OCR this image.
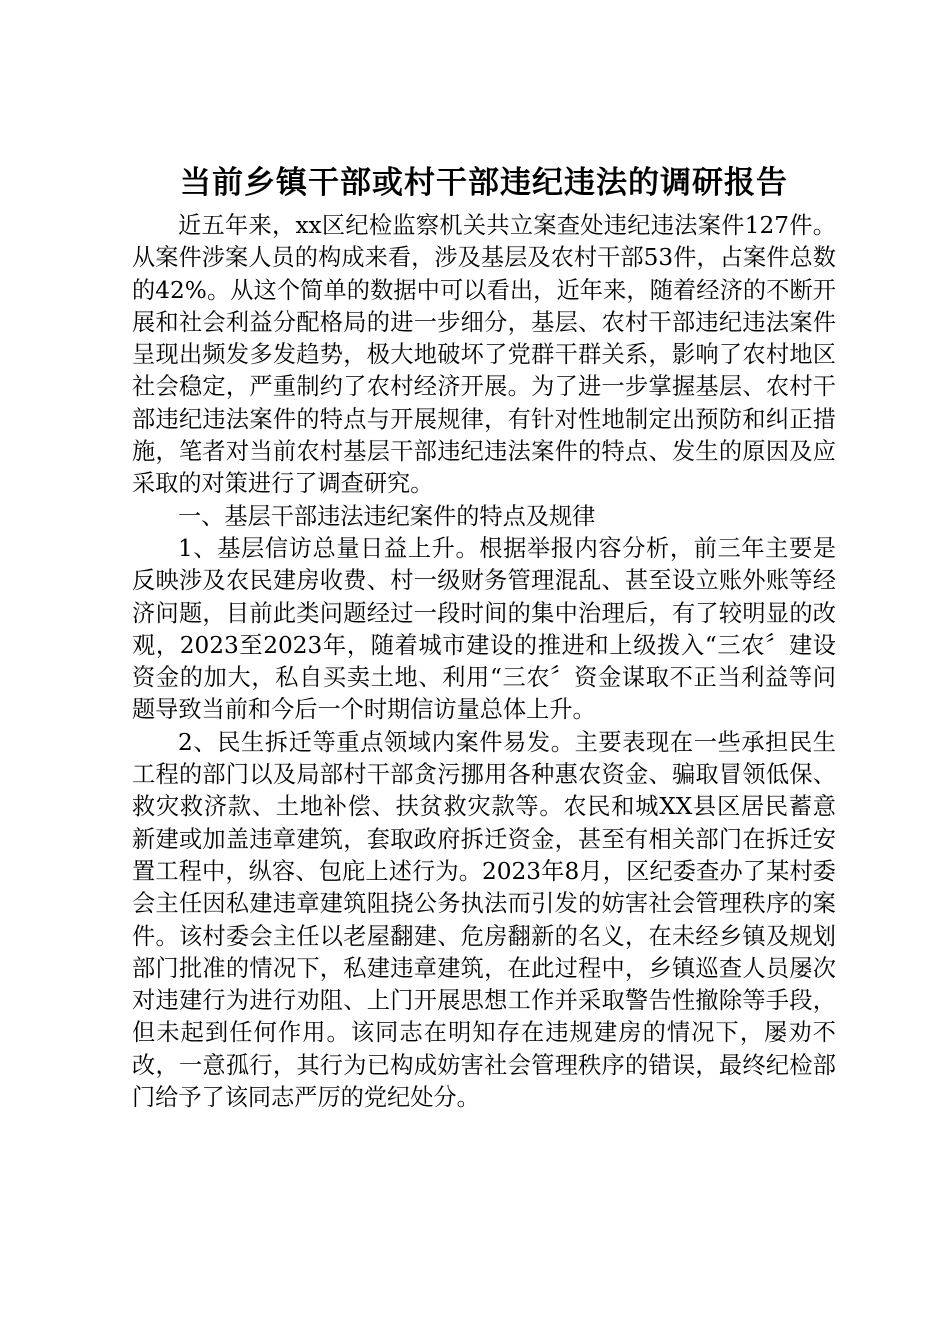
当前乡镇干部或村干部违纪违法的调研报告

近五年来，xx区纪检监察机关共立案查处违纪违法案件127件。从案件涉案人员的构成来看，涉及基层及农村干部53件，占案件总数的42%。从这个简单的数据中可以看出，近年来，随着经济的不断开展和社会利益分配格局的进一步细分，基层、农村干部违纪违法案件呈现出频发多发趋势，极大地破坏了党群干群关系，影响了农村地区社会稳定，严重制约了农村经济开展。为了进一步掌握基层、农村干部违纪违法案件的特点与开展规律，有针对性地制定出预防和纠正措施，笔者对当前农村基层干部违纪违法案件的特点、发生的原因及应采取的对策进行了调查研究。

一、基层干部违法违纪案件的特点及规律

1、基层信访总量日益上升。根据举报内容分析，前三年主要是反映涉及农民建房收费、村一级财务管理混乱、甚至设立账外账等经济问题，目前此类问题经过一段时间的集中治理后，有了较明显的改观，2023至2023年，随着城市建设的推进和上级拨入“三农〞建设资金的加大，私自买卖土地、利用“三农〞资金谋取不正当利益等问题导致当前和今后一个时期信访量总体上升。

2、民生拆迁等重点领域内案件易发。主要表现在一些承担民生工程的部门以及局部村干部贪污挪用各种惠农资金、骗取冒领低保、救灾救济款、土地补偿、扶贫救灾款等。农民和城XX县区居民蓄意新建或加盖违章建筑，套取政府拆迁资金，甚至有相关部门在拆迁安置工程中，纵容、包庇上述行为。2023年8月，区纪委查办了某村委会主任因私建违章建筑阻挠公务执法而引发的妨害社会管理秩序的案件。该村委会主任以老屋翻建、危房翻新的名义，在未经乡镇及规划部门批准的情况下，私建违章建筑，在此过程中，乡镇巡查人员屡次对违建行为进行劝阻、上门开展思想工作并采取警告性撤除等手段，但未起到任何作用。该同志在明知存在违规建房的情况下，屡劝不改，一意孤行，其行为已构成妨害社会管理秩序的错误，最终纪检部门给予了该同志严厉的党纪处分。
